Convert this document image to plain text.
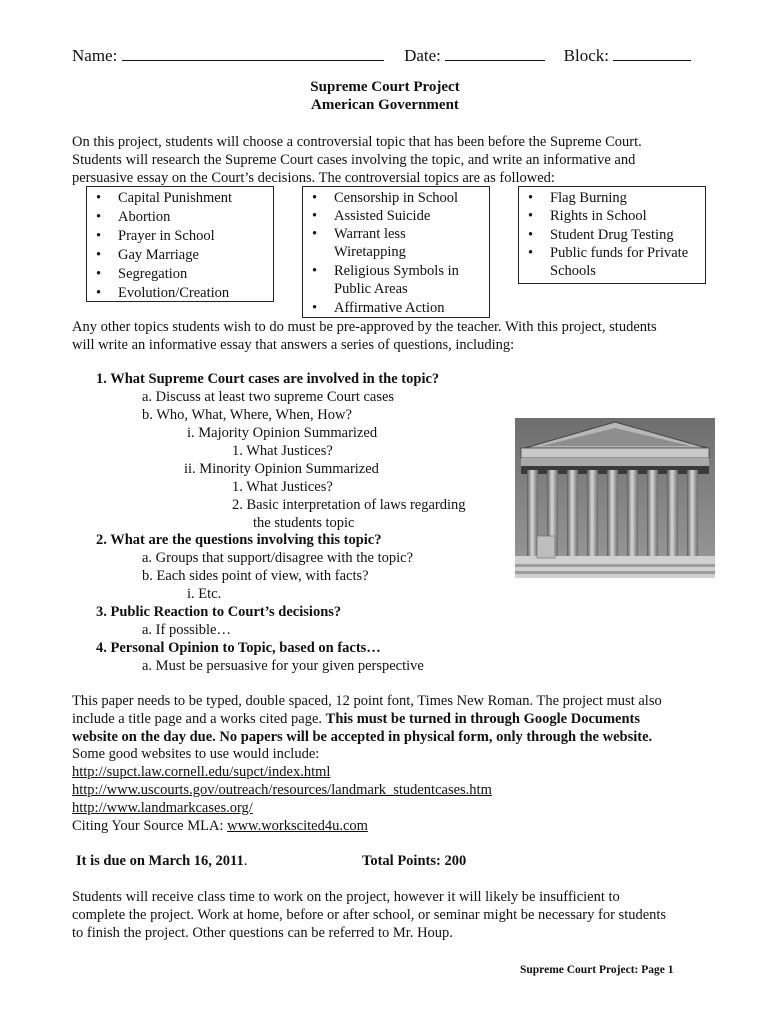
Name:	Date:	Block:
Supreme Court Project
American Government
On this project, students will choose a controversial topic that has been before the Supreme Court.
Students will research the Supreme Court cases involving the topic, and write an informative and
persuasive essay on the Court’s decisions. The controversial topics are as followed:
• Capital Punishment
• Abortion
• Prayer in School
• Gay Marriage
• Segregation
• Evolution/Creation
• Censorship in School
• Assisted Suicide
• Warrant less
Wiretapping
• Religious Symbols in
Public Areas
• Affirmative Action
• Flag Burning
• Rights in School
• Student Drug Testing
• Public funds for Private
Schools
Any other topics students wish to do must be pre-approved by the teacher. With this project, students
will write an informative essay that answers a series of questions, including:
1. What Supreme Court cases are involved in the topic?
a. Discuss at least two supreme Court cases
b. Who, What, Where, When, How?
i. Majority Opinion Summarized
1. What Justices?
ii. Minority Opinion Summarized
1. What Justices?
2. Basic interpretation of laws regarding
the students topic
2. What are the questions involving this topic?
a. Groups that support/disagree with the topic?
b. Each sides point of view, with facts?
i. Etc.
3. Public Reaction to Court’s decisions?
a. If possible…
4. Personal Opinion to Topic, based on facts…
a. Must be persuasive for your given perspective
This paper needs to be typed, double spaced, 12 point font, Times New Roman. The project must also
include a title page and a works cited page. This must be turned in through Google Documents
website on the day due. No papers will be accepted in physical form, only through the website.
Some good websites to use would include:
http://supct.law.cornell.edu/supct/index.html
http://www.uscourts.gov/outreach/resources/landmark_studentcases.htm
http://www.landmarkcases.org/
Citing Your Source MLA: www.workscited4u.com
It is due on March 16, 2011.	Total Points: 200
Students will receive class time to work on the project, however it will likely be insufficient to
complete the project. Work at home, before or after school, or seminar might be necessary for students
to finish the project. Other questions can be referred to Mr. Houp.
Supreme Court Project: Page 1
